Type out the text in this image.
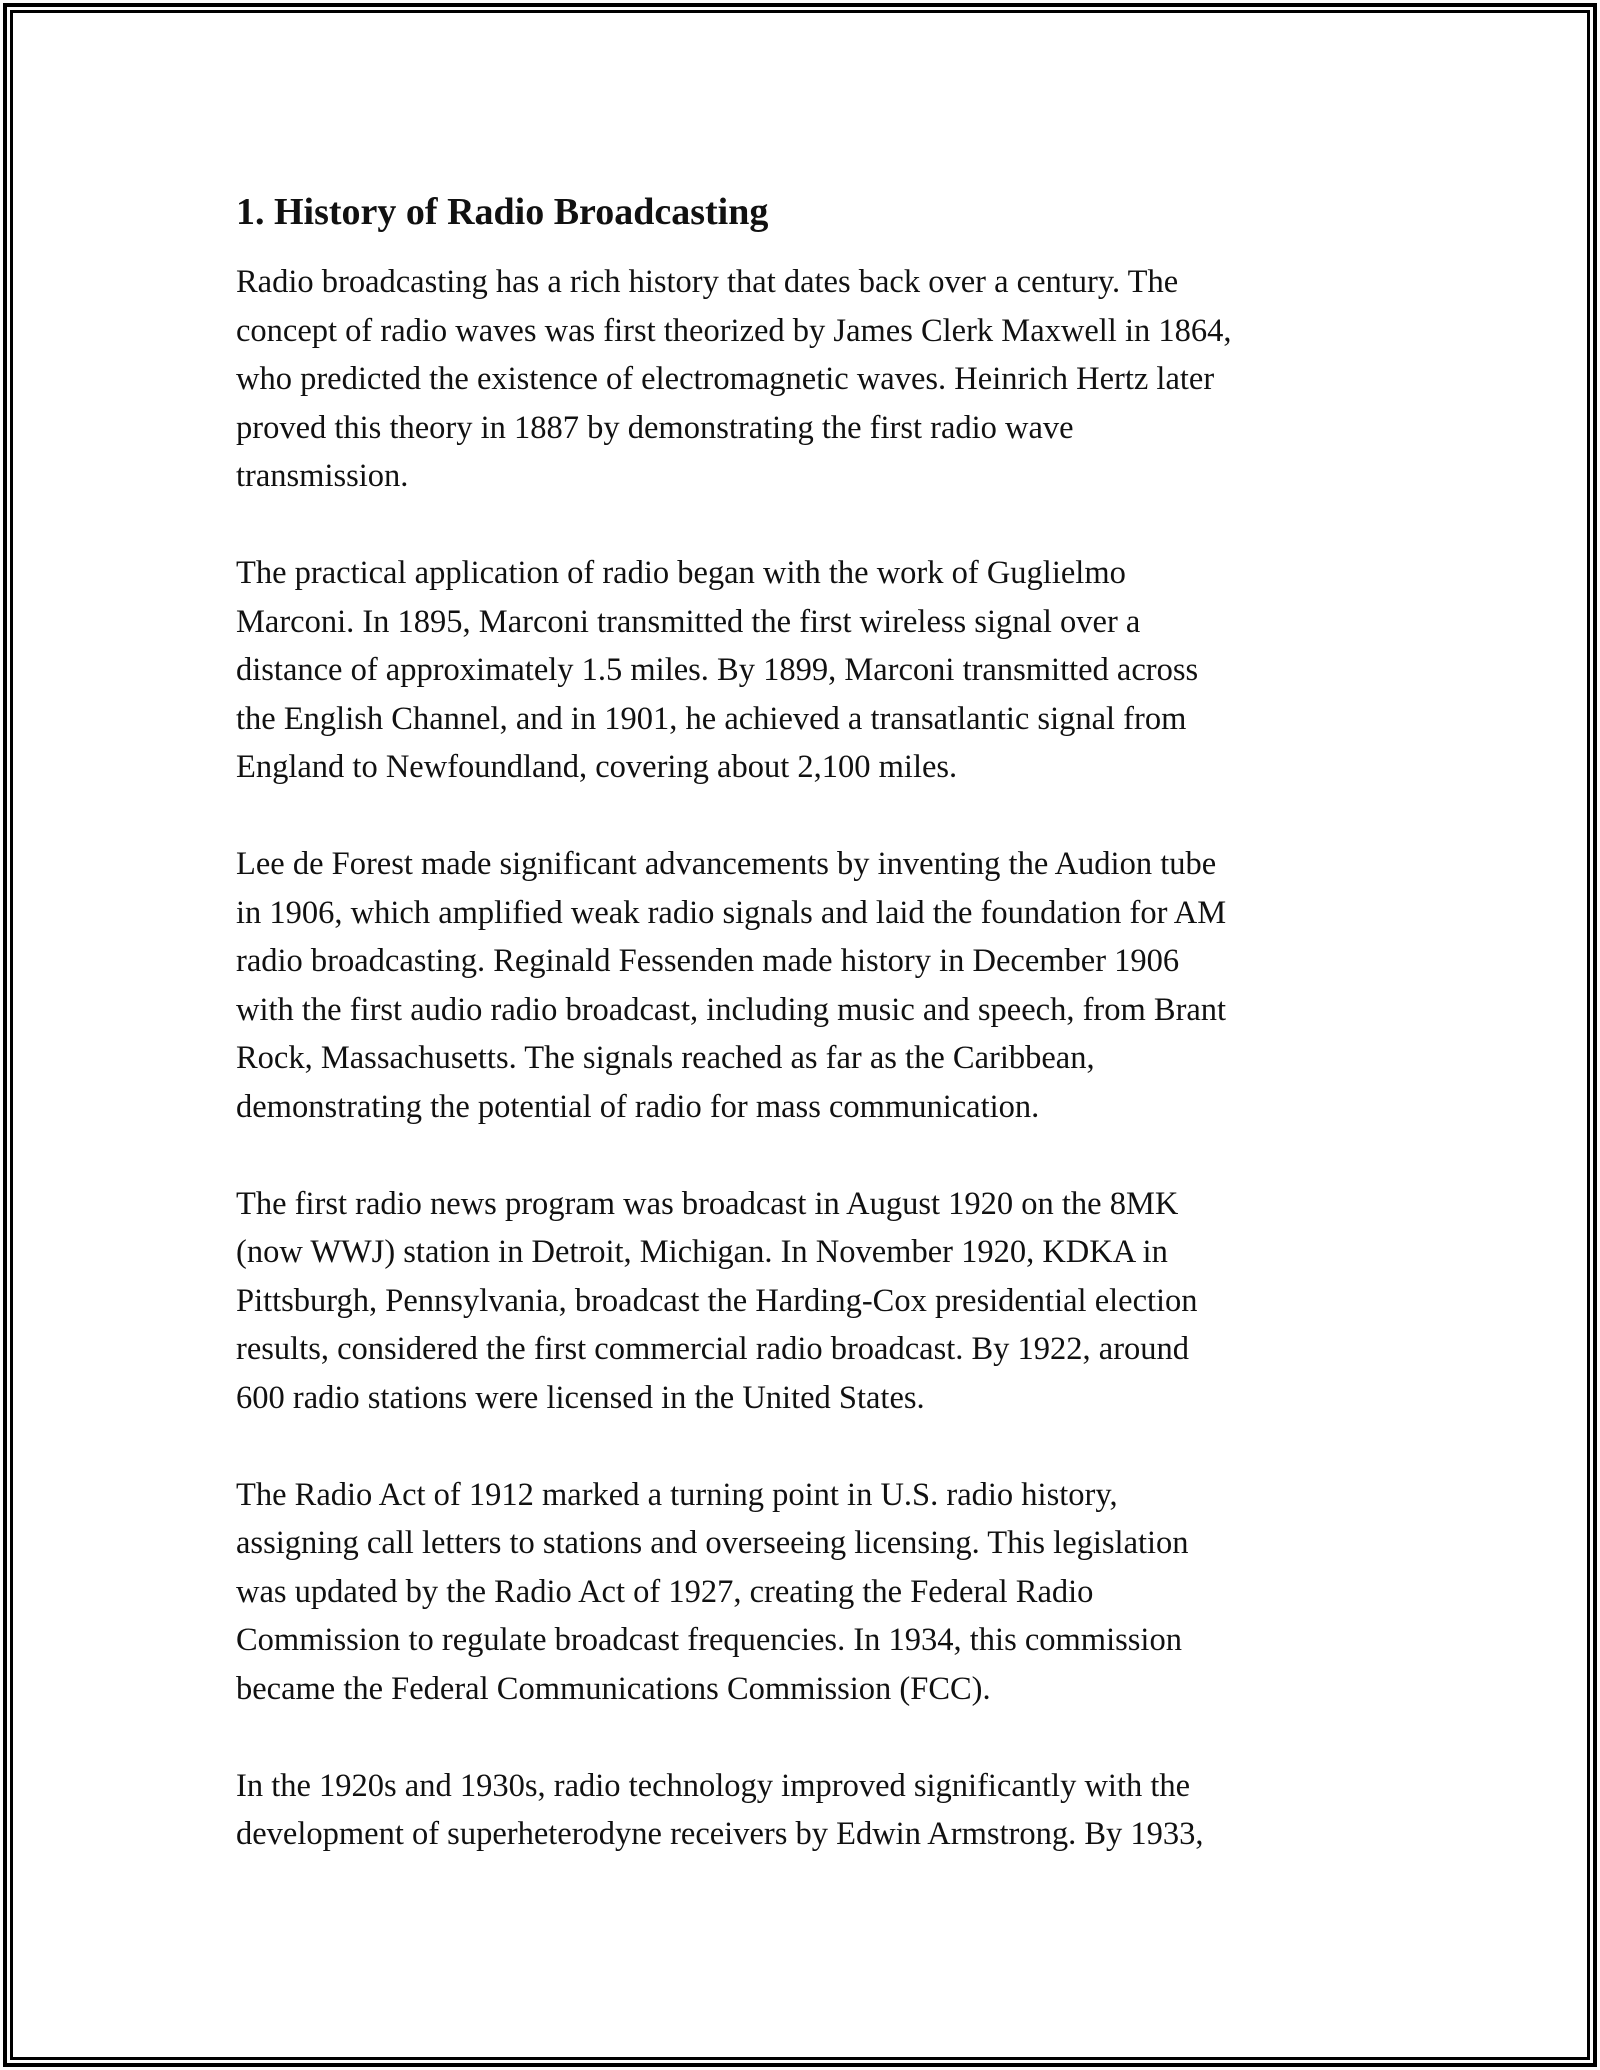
1. History of Radio Broadcasting

Radio broadcasting has a rich history that dates back over a century. The
concept of radio waves was first theorized by James Clerk Maxwell in 1864,
who predicted the existence of electromagnetic waves. Heinrich Hertz later
proved this theory in 1887 by demonstrating the first radio wave
transmission.

The practical application of radio began with the work of Guglielmo
Marconi. In 1895, Marconi transmitted the first wireless signal over a
distance of approximately 1.5 miles. By 1899, Marconi transmitted across
the English Channel, and in 1901, he achieved a transatlantic signal from
England to Newfoundland, covering about 2,100 miles.

Lee de Forest made significant advancements by inventing the Audion tube
in 1906, which amplified weak radio signals and laid the foundation for AM
radio broadcasting. Reginald Fessenden made history in December 1906
with the first audio radio broadcast, including music and speech, from Brant
Rock, Massachusetts. The signals reached as far as the Caribbean,
demonstrating the potential of radio for mass communication.

The first radio news program was broadcast in August 1920 on the 8MK
(now WWJ) station in Detroit, Michigan. In November 1920, KDKA in
Pittsburgh, Pennsylvania, broadcast the Harding-Cox presidential election
results, considered the first commercial radio broadcast. By 1922, around
600 radio stations were licensed in the United States.

The Radio Act of 1912 marked a turning point in U.S. radio history,
assigning call letters to stations and overseeing licensing. This legislation
was updated by the Radio Act of 1927, creating the Federal Radio
Commission to regulate broadcast frequencies. In 1934, this commission
became the Federal Communications Commission (FCC).

In the 1920s and 1930s, radio technology improved significantly with the
development of superheterodyne receivers by Edwin Armstrong. By 1933,
